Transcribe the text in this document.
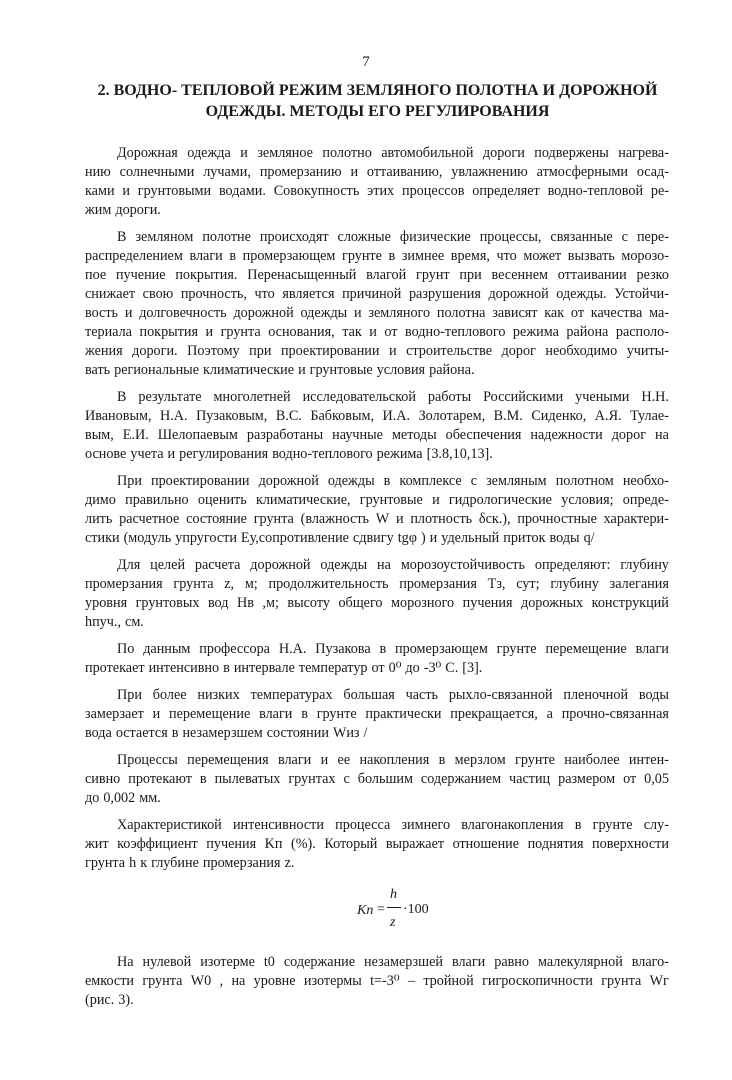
7
2. ВОДНО- ТЕПЛОВОЙ РЕЖИМ ЗЕМЛЯНОГО ПОЛОТНА И ДОРОЖНОЙ
ОДЕЖДЫ. МЕТОДЫ ЕГО РЕГУЛИРОВАНИЯ
Дорожная одежда и земляное полотно автомобильной дороги подвержены нагрева-
нию солнечными лучами, промерзанию и оттаиванию, увлажнению атмосферными осад-
ками и грунтовыми водами. Совокупность этих процессов определяет водно-тепловой ре-
жим дороги.
В земляном полотне происходят сложные физические процессы, связанные с пере-
распределением влаги в промерзающем грунте в зимнее время, что может вызвать морозо-
пое пучение покрытия. Перенасыщенный влагой грунт при весеннем оттаивании резко
снижает свою прочность, что является причиной разрушения дорожной одежды. Устойчи-
вость и долговечность дорожной одежды и земляного полотна зависят как от качества ма-
териала покрытия и грунта основания, так и от водно-теплового режима района располо-
жения дороги. Поэтому при проектировании и строительстве дорог необходимо учиты-
вать региональные климатические и грунтовые условия района.
В результате многолетней исследовательской работы Российскими учеными Н.Н.
Ивановым, Н.А. Пузаковым, В.С. Бабковым, И.А. Золотарем, В.М. Сиденко, А.Я. Тулае-
вым, Е.И. Шелопаевым разработаны научные методы обеспечения надежности дорог на
основе учета и регулирования водно-теплового режима [3.8,10,13].
При проектировании дорожной одежды в комплексе с земляным полотном необхо-
димо правильно оценить климатические, грунтовые и гидрологические условия; опреде-
лить расчетное состояние грунта (влажность W и плотность δск.), прочностные характери-
стики (модуль упругости Eу,сопротивление сдвигу tgφ ) и удельный приток воды q/
Для целей расчета дорожной одежды на морозоустойчивость определяют: глубину
промерзания грунта z, м; продолжительность промерзания Tз, сут; глубину залегания
уровня грунтовых вод Hв ,м; высоту общего морозного пучения дорожных конструкций
hпуч., см.
По данным профессора Н.А. Пузакова в промерзающем грунте перемещение влаги
протекает интенсивно в интервале температур от 0⁰ до -3⁰ С. [3].
При более низких температурах большая часть рыхло-связанной пленочной воды
замерзает и перемещение влаги в грунте практически прекращается, а прочно-связанная
вода остается в незамерзшем состоянии Wиз /
Процессы перемещения влаги и ее накопления в мерзлом грунте наиболее интен-
сивно протекают в пылеватых грунтах с большим содержанием частиц размером от 0,05
до 0,002 мм.
Характеристикой интенсивности процесса зимнего влагонакопления в грунте слу-
жит коэффициент пучения Kп (%). Который выражает отношение поднятия поверхности
грунта h к глубине промерзания z.
Kп =
h
z
·100
На нулевой изотерме t0 содержание незамерзшей влаги равно малекулярной влаго-
емкости грунта W0 , на уровне изотермы t=-3⁰ – тройной гигроскопичности грунта Wг
(рис. 3).
